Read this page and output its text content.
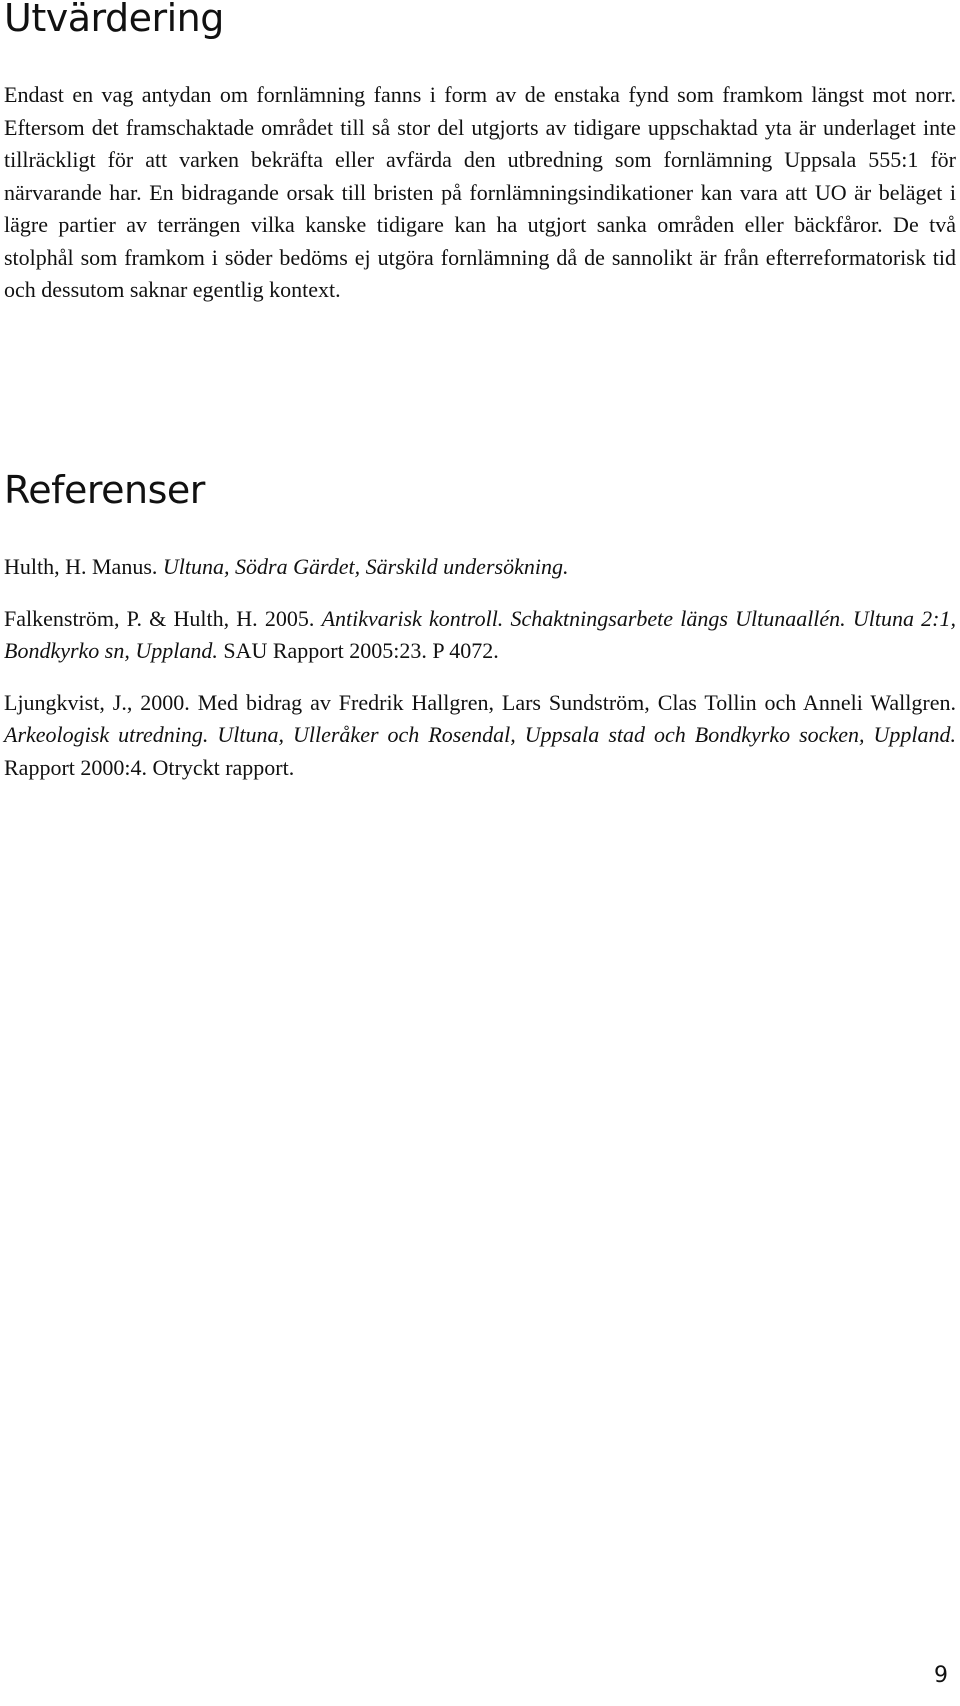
Utvärdering

Endast en vag antydan om fornlämning fanns i form av de enstaka fynd som framkom längst mot norr. Eftersom det framschaktade området till så stor del utgjorts av tidigare uppschaktad yta är underlaget inte tillräckligt för att varken bekräfta eller avfärda den utbredning som fornlämning Uppsala 555:1 för närvarande har. En bidragande orsak till bristen på fornlämningsindikationer kan vara att UO är beläget i lägre partier av terrängen vilka kanske tidigare kan ha utgjort sanka områden eller bäckfåror. De två stolphål som framkom i söder bedöms ej utgöra fornlämning då de sannolikt är från efterreformatorisk tid och dessutom saknar egentlig kontext.

Referenser

Hulth, H. Manus. Ultuna, Södra Gärdet, Särskild undersökning.

Falkenström, P. & Hulth, H. 2005. Antikvarisk kontroll. Schaktningsarbete längs Ultunaallén. Ultuna 2:1, Bondkyrko sn, Uppland. SAU Rapport 2005:23. P 4072.

Ljungkvist, J., 2000. Med bidrag av Fredrik Hallgren, Lars Sundström, Clas Tollin och Anneli Wallgren. Arkeologisk utredning. Ultuna, Ulleråker och Rosendal, Uppsala stad och Bondkyrko socken, Uppland. Rapport 2000:4. Otryckt rapport.

9
